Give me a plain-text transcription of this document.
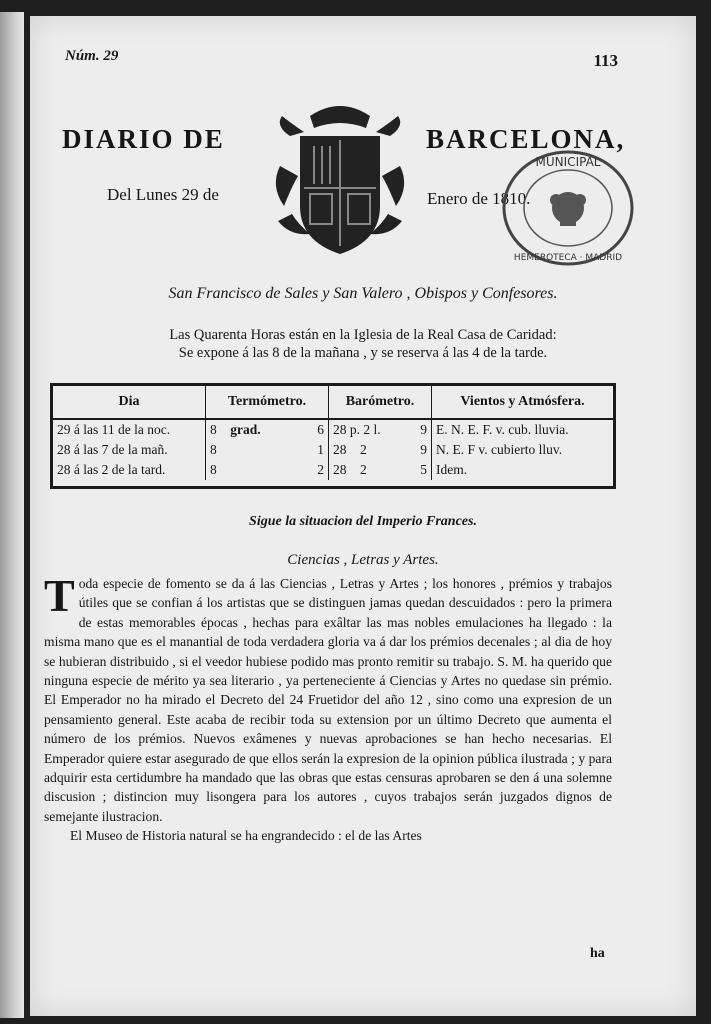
Núm. 29	113
DIARIO DE	BARCELONA,
Del Lunes 29 de	Enero de 1810.
MUNICIPAL
HEMEROTECA · MADRID
San Francisco de Sales y San Valero , Obispos y Confesores.
Las Quarenta Horas están en la Iglesia de la Real Casa de Caridad:
Se expone á las 8 de la mañana , y se reserva á las 4 de la tarde.
Dia	Termómetro.	Barómetro.	Vientos y Atmósfera.
29 á las 11 de la noc.	8 grad. 6	28 p. 2 l. 9	E. N. E. F. v. cub. lluvia.
28 á las 7 de la mañ.	8 1	28 2 9	N. E. F v. cubierto lluv.
28 á las 2 de la tard.	8 2	28 2 5	Idem.
Sigue la situacion del Imperio Frances.
Ciencias , Letras y Artes.

Toda especie de fomento se da á las Ciencias , Letras y Artes ; los honores , prémios y trabajos útiles que se confian á los artistas que se distinguen jamas quedan descuidados : pero la primera de estas memorables épocas , hechas para exâltar las mas nobles emulaciones ha llegado : la misma mano que es el manantial de toda verdadera gloria va á dar los prémios decenales ; al dia de hoy se hubieran distribuido , si el veedor hubiese podido mas pronto remitir su trabajo. S. M. ha querido que ninguna especie de mérito ya sea literario , ya perteneciente á Ciencias y Artes no quedase sin prémio. El Emperador no ha mirado el Decreto del 24 Fruetidor del año 12 , sino como una expresion de un pensamiento general. Este acaba de recibir toda su extension por un último Decreto que aumenta el número de los prémios. Nuevos exâmenes y nuevas aprobaciones se han hecho necesarias. El Emperador quiere estar asegurado de que ellos serán la expresion de la opinion pública ilustrada ; y para adquirir esta certidumbre ha mandado que las obras que estas censuras aprobaren se den á una solemne discusion ; distincion muy lisongera para los autores , cuyos trabajos serán juzgados dignos de semejante ilustracion.

El Museo de Historia natural se ha engrandecido : el de las Artes

ha
